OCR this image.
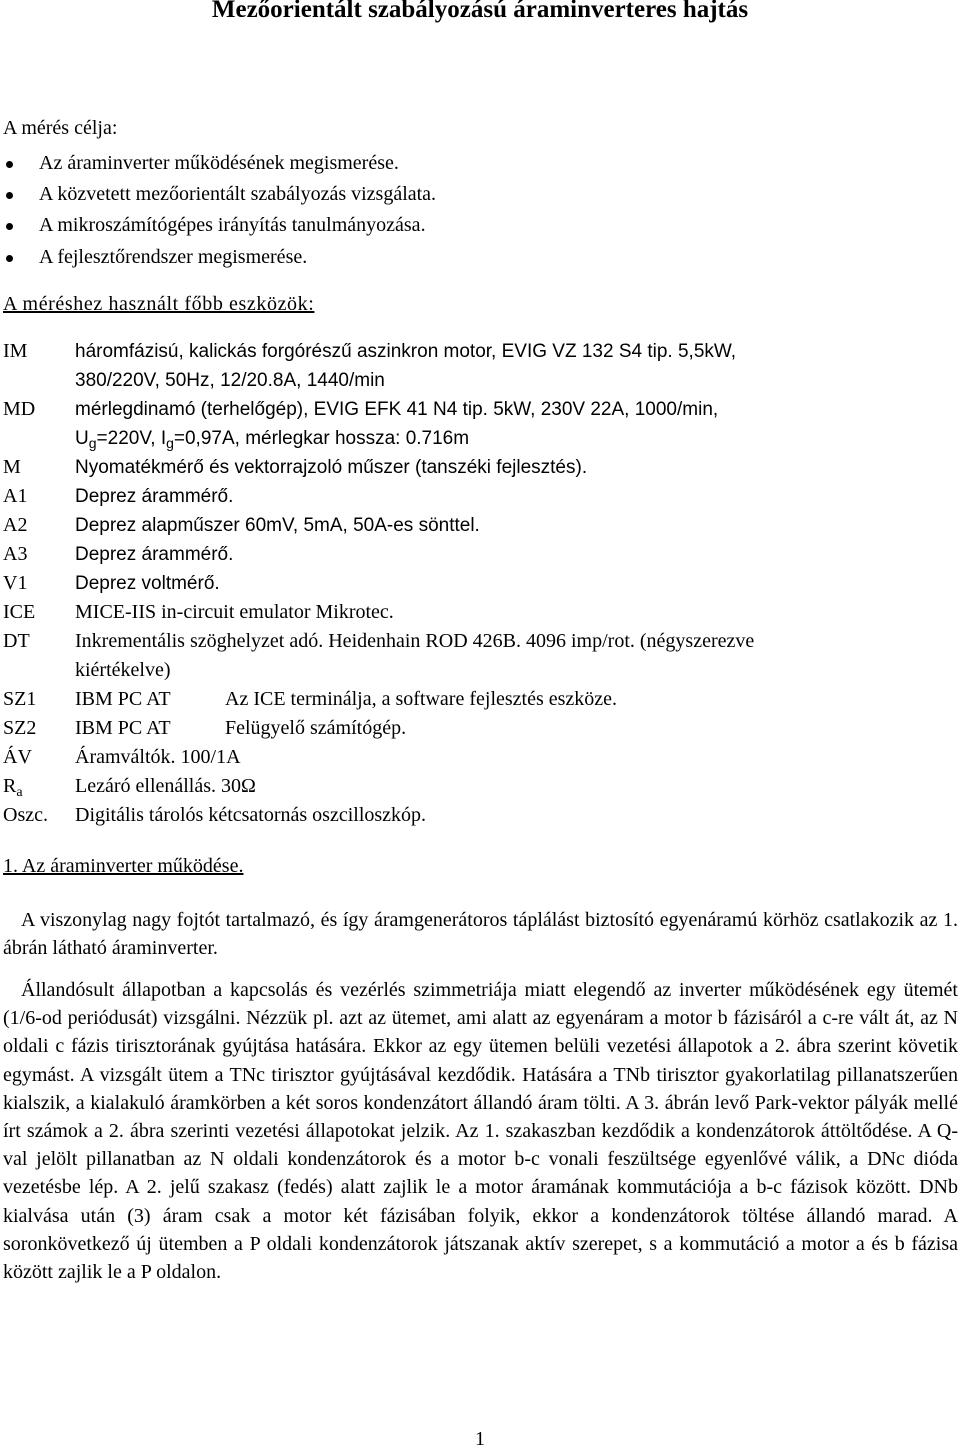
Mezőorientált szabályozású áraminverteres hajtás
A mérés célja:
Az áraminverter működésének megismerése.
A közvetett mezőorientált szabályozás vizsgálata.
A mikroszámítógépes irányítás tanulmányozása.
A fejlesztőrendszer megismerése.
A méréshez használt főbb eszközök:
IM	háromfázisú, kalickás forgórészű aszinkron motor, EVIG VZ 132 S4 tip. 5,5kW,
380/220V, 50Hz, 12/20.8A, 1440/min
MD mérlegdinamó (terhelőgép), EVIG EFK 41 N4 tip. 5kW, 230V 22A, 1000/min,
$U_g=220V$, $I_g=0,97A$, mérlegkar hossza: 0.716m
M	Nyomatékmérő és vektorrajzoló műszer (tanszéki fejlesztés).
A1	Deprez árammérő.
A2	Deprez alapműszer 60mV, 5mA, 50A-es sönttel.
A3	Deprez árammérő.
V1	Deprez voltmérő.
ICE MICE-IIS in-circuit emulator Mikrotec.
DT Inkrementális szöghelyzet adó. Heidenhain ROD 426B. 4096 imp/rot. (négyszerezve
kiértékelve)
SZ1 IBM PC AT	Az ICE terminálja, a software fejlesztés eszköze.
SZ2 IBM PC AT	Felügyelő számítógép.
ÁV Áramváltók. 100/1A
$R_a$	Lezáró ellenállás. 30Ω
Oszc. Digitális tárolós kétcsatornás oszcilloszkóp.
1. Az áraminverter működése.

A viszonylag nagy fojtót tartalmazó, és így áramgenerátoros táplálást biztosító egyenáramú körhöz csatlakozik az 1. ábrán látható áraminverter.

Állandósult állapotban a kapcsolás és vezérlés szimmetriája miatt elegendő az inverter működésének egy ütemét (1/6-od periódusát) vizsgálni. Nézzük pl. azt az ütemet, ami alatt az egyenáram a motor b fázisáról a c-re vált át, az N oldali c fázis tirisztorának gyújtása hatására. Ekkor az egy ütemen belüli vezetési állapotok a 2. ábra szerint követik egymást. A vizsgált ütem a TNc tirisztor gyújtásával kezdődik. Hatására a TNb tirisztor gyakorlatilag pillanatszerűen kialszik, a kialakuló áramkörben a két soros kondenzátort állandó áram tölti. A 3. ábrán levő Park-vektor pályák mellé írt számok a 2. ábra szerinti vezetési állapotokat jelzik. Az 1. szakaszban kezdődik a kondenzátorok áttöltődése. A Q-val jelölt pillanatban az N oldali kondenzátorok és a motor b-c vonali feszültsége egyenlővé válik, a DNc dióda vezetésbe lép. A 2. jelű szakasz (fedés) alatt zajlik le a motor áramának kommutációja a b-c fázisok között. DNb kialvása után (3) áram csak a motor két fázisában folyik, ekkor a kondenzátorok töltése állandó marad. A soronkövetkező új ütemben a P oldali kondenzátorok játszanak aktív szerepet, s a kommutáció a motor a és b fázisa között zajlik le a P oldalon.

1
